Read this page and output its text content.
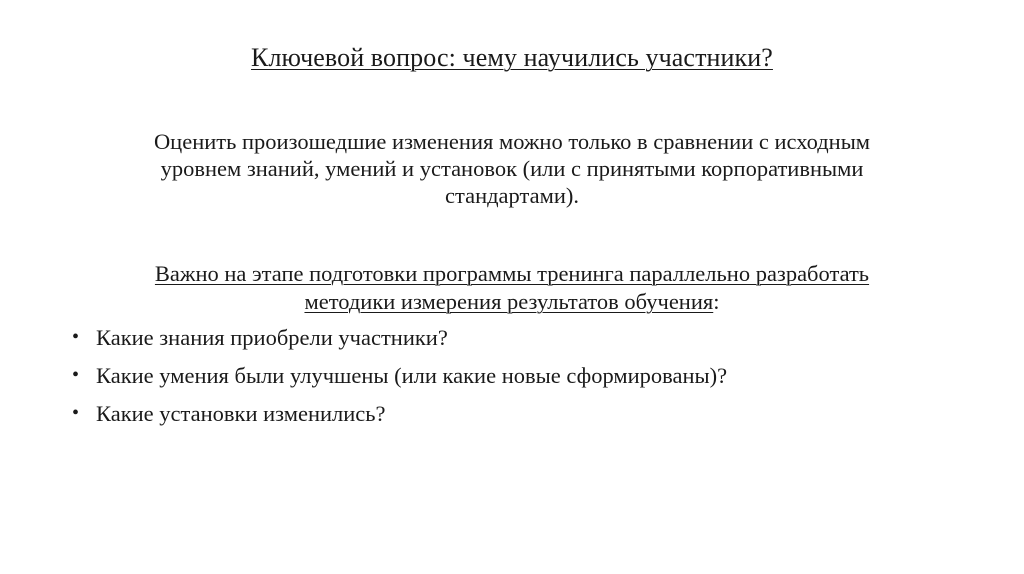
Ключевой вопрос: чему научились участники?
Оценить произошедшие изменения можно только в сравнении с исходным
уровнем знаний, умений и установок (или с принятыми корпоративными
стандартами).
Важно на этапе подготовки программы тренинга параллельно разработать
методики измерения результатов обучения:
• Какие знания приобрели участники?
• Какие умения были улучшены (или какие новые сформированы)?
• Какие установки изменились?
